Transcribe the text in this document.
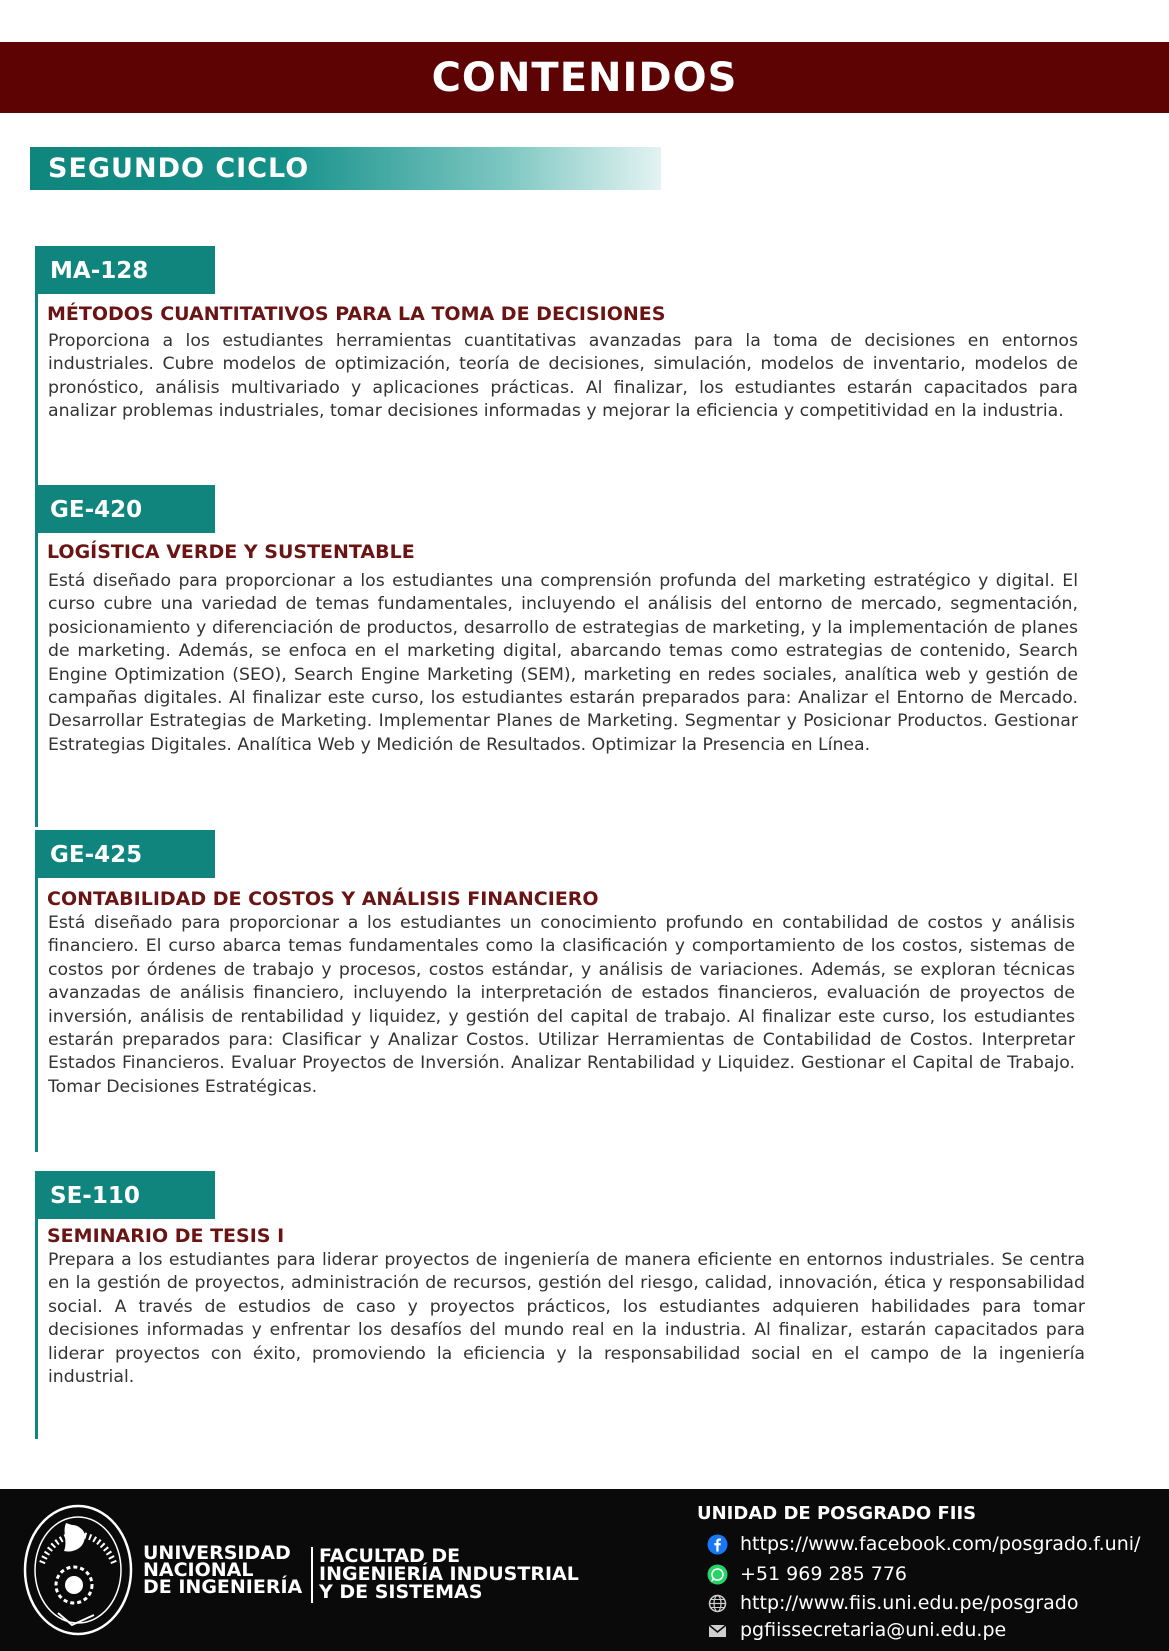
CONTENIDOS
SEGUNDO CICLO
MA-128
MÉTODOS CUANTITATIVOS PARA LA TOMA DE DECISIONES

Proporciona a los estudiantes herramientas cuantitativas avanzadas para la toma de decisiones en entornos industriales. Cubre modelos de optimización, teoría de decisiones, simulación, modelos de inventario, modelos de pronóstico, análisis multivariado y aplicaciones prácticas. Al finalizar, los estudiantes estarán capacitados para analizar problemas industriales, tomar decisiones informadas y mejorar la eficiencia y competitividad en la industria.

GE-420
LOGÍSTICA VERDE Y SUSTENTABLE

Está diseñado para proporcionar a los estudiantes una comprensión profunda del marketing estratégico y digital. El curso cubre una variedad de temas fundamentales, incluyendo el análisis del entorno de mercado, segmentación, posicionamiento y diferenciación de productos, desarrollo de estrategias de marketing, y la implementación de planes de marketing. Además, se enfoca en el marketing digital, abarcando temas como estrategias de contenido, Search Engine Optimization (SEO), Search Engine Marketing (SEM), marketing en redes sociales, analítica web y gestión de campañas digitales. Al finalizar este curso, los estudiantes estarán preparados para: Analizar el Entorno de Mercado. Desarrollar Estrategias de Marketing. Implementar Planes de Marketing. Segmentar y Posicionar Productos. Gestionar Estrategias Digitales. Analítica Web y Medición de Resultados. Optimizar la Presencia en Línea.

GE-425
CONTABILIDAD DE COSTOS Y ANÁLISIS FINANCIERO

Está diseñado para proporcionar a los estudiantes un conocimiento profundo en contabilidad de costos y análisis financiero. El curso abarca temas fundamentales como la clasificación y comportamiento de los costos, sistemas de costos por órdenes de trabajo y procesos, costos estándar, y análisis de variaciones. Además, se exploran técnicas avanzadas de análisis financiero, incluyendo la interpretación de estados financieros, evaluación de proyectos de inversión, análisis de rentabilidad y liquidez, y gestión del capital de trabajo. Al finalizar este curso, los estudiantes estarán preparados para: Clasificar y Analizar Costos. Utilizar Herramientas de Contabilidad de Costos. Interpretar Estados Financieros. Evaluar Proyectos de Inversión. Analizar Rentabilidad y Liquidez. Gestionar el Capital de Trabajo. Tomar Decisiones Estratégicas.

SE-110
SEMINARIO DE TESIS I

Prepara a los estudiantes para liderar proyectos de ingeniería de manera eficiente en entornos industriales. Se centra en la gestión de proyectos, administración de recursos, gestión del riesgo, calidad, innovación, ética y responsabilidad social. A través de estudios de caso y proyectos prácticos, los estudiantes adquieren habilidades para tomar decisiones informadas y enfrentar los desafíos del mundo real en la industria. Al finalizar, estarán capacitados para liderar proyectos con éxito, promoviendo la eficiencia y la responsabilidad social en el campo de la ingeniería industrial.

UNIVERSIDAD
NACIONAL
DE INGENIERÍA
FACULTAD DE
INGENIERÍA INDUSTRIAL
Y DE SISTEMAS
UNIDAD DE POSGRADO FIIS
https://www.facebook.com/posgrado.f.uni/
+51 969 285 776
http://www.fiis.uni.edu.pe/posgrado
pgfiissecretaria@uni.edu.pe
